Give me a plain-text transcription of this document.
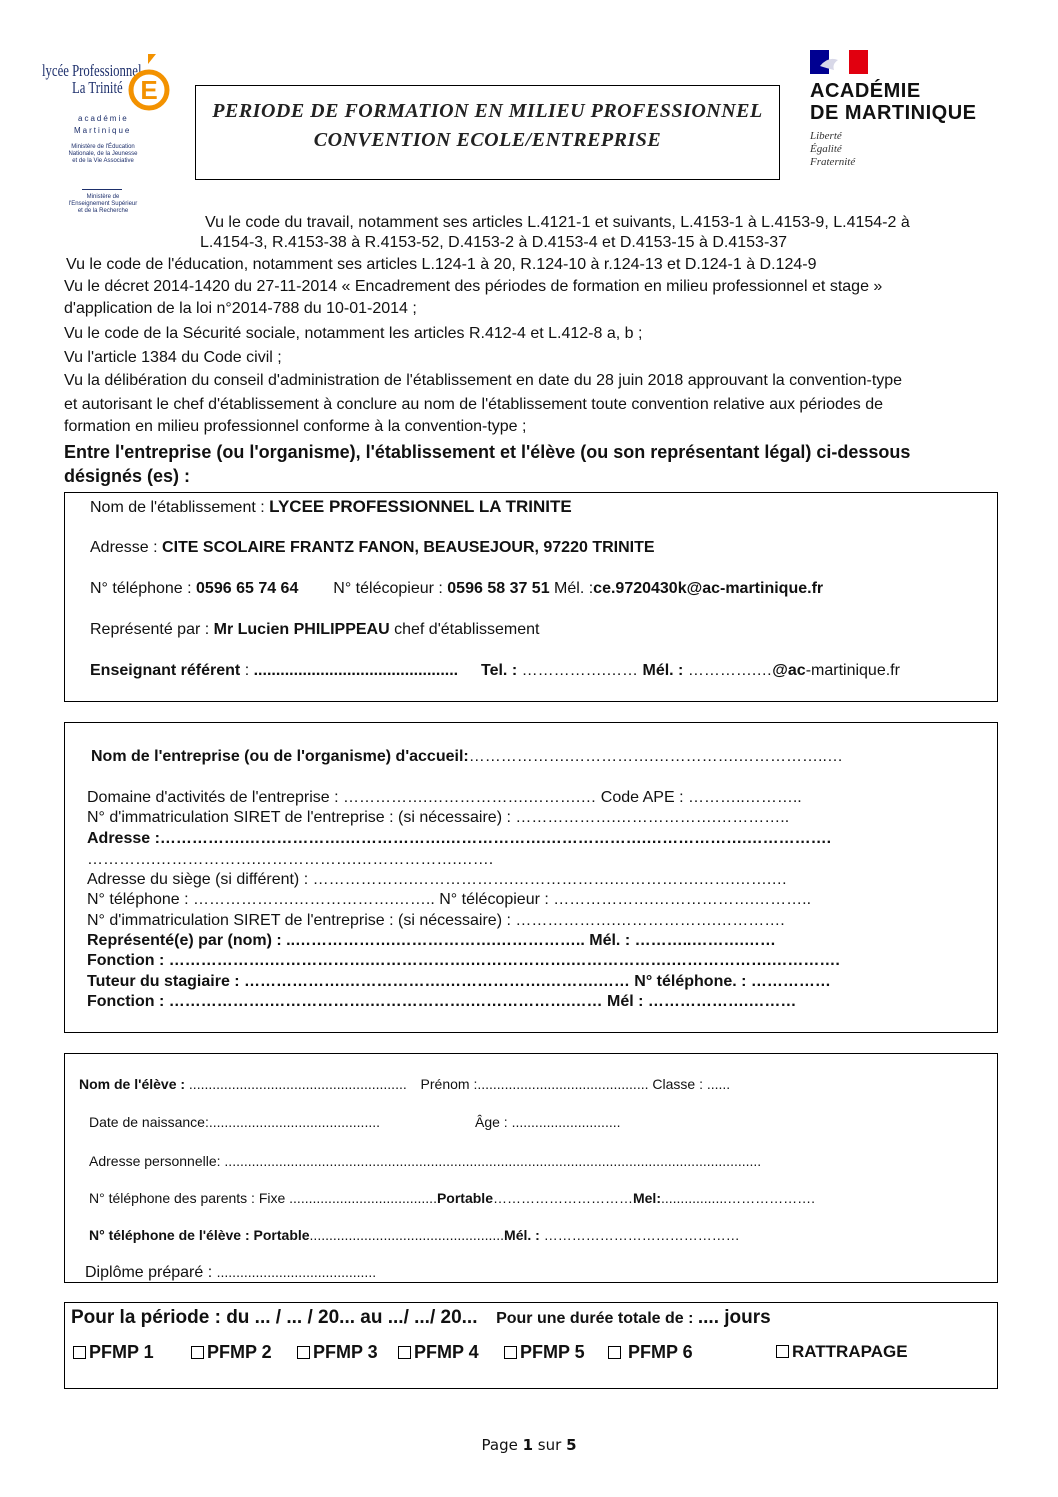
lycée Professionnel
La Trinité E
académie
Martinique
Ministère de l'Éducation Nationale, de la Jeunesse et de la Vie Associative
Ministère de l'Enseignement Supérieur et de la Recherche
ACADÉMIE
DE MARTINIQUE
Liberté
Égalité
Fraternité
PERIODE DE FORMATION EN MILIEU PROFESSIONNEL
CONVENTION ECOLE/ENTREPRISE
Vu le code du travail, notamment ses articles L.4121-1 et suivants, L.4153-1 à L.4153-9, L.4154-2 à
L.4154-3, R.4153-38 à R.4153-52, D.4153-2 à D.4153-4 et D.4153-15 à D.4153-37
Vu le code de l'éducation, notamment ses articles L.124-1 à 20, R.124-10 à r.124-13 et D.124-1 à D.124-9
Vu le décret 2014-1420 du 27-11-2014 « Encadrement des périodes de formation en milieu professionnel et stage »
d'application de la loi n°2014-788 du 10-01-2014 ;
Vu le code de la Sécurité sociale, notamment les articles R.412-4 et L.412-8 a, b ;
Vu l'article 1384 du Code civil ;
Vu la délibération du conseil d'administration de l'établissement en date du 28 juin 2018 approuvant la convention-type
et autorisant le chef d'établissement à conclure au nom de l'établissement toute convention relative aux périodes de
formation en milieu professionnel conforme à la convention-type ;
Entre l'entreprise (ou l'organisme), l'établissement et l'élève (ou son représentant légal) ci-dessous
désignés (es) :
Nom de l'établissement : LYCEE PROFESSIONNEL LA TRINITE
Adresse : CITE SCOLAIRE FRANTZ FANON, BEAUSEJOUR, 97220 TRINITE
N° téléphone : 0596 65 74 64 N° télécopieur : 0596 58 37 51 Mél. :ce.9720430k@ac-martinique.fr
Représenté par : Mr Lucien PHILIPPEAU chef d'établissement
Enseignant référent : .............................................. Tel. : …………….…… Mél. : ………….…@ac-martinique.fr
Nom de l'entreprise (ou de l'organisme) d'accueil:……………….…………….…………….……………..…
Domaine d'activités de l'entreprise : …………….……………….……….… Code APE : ………..………..
N° d'immatriculation SIRET de l'entreprise : (si nécessaire) : ……………….……………….…………..
Adresse :…………….……………….……………….……………….……………….……………….…………….
………….……………….……………….……………….…….
Adresse du siège (si différent) : ……………….……………….……………….…………….…….…….…
N° téléphone : ……………….……………….…….. N° télécopieur : ……………….……………….………..
N° d'immatriculation SIRET de l'entreprise : (si nécessaire) : ……………….……………….………….
Représenté(e) par (nom) : ..……………….……………….…………….. Mél. : ………..……….……
Fonction : ……………….……………….……………….……………….……………….……………….………….
Tuteur du stagiaire : ……………….……………….……………….……….…… N° téléphone. : ……………
Fonction : ……………….……………….……………….……………….…… Mél : ……………….………
Nom de l'élève : ........................................................ Prénom :............................................ Classe : ......
Date de naissance:............................................	Âge : ............................
Adresse personnelle: ..........................................................................................................................................
N° téléphone des parents : Fixe ......................................Portable…………………………Mel:.................……………….
N° téléphone de l'élève : Portable..................................................Mél. : ……………………………………
Diplôme préparé : .........................................
Pour la période : du ... / ... / 20... au .../ .../ 20... Pour une durée totale de : .... jours
PFMP 1	PFMP 2	PFMP 3	PFMP 4	PFMP 5	PFMP 6	RATTRAPAGE
Page 1 sur 5
